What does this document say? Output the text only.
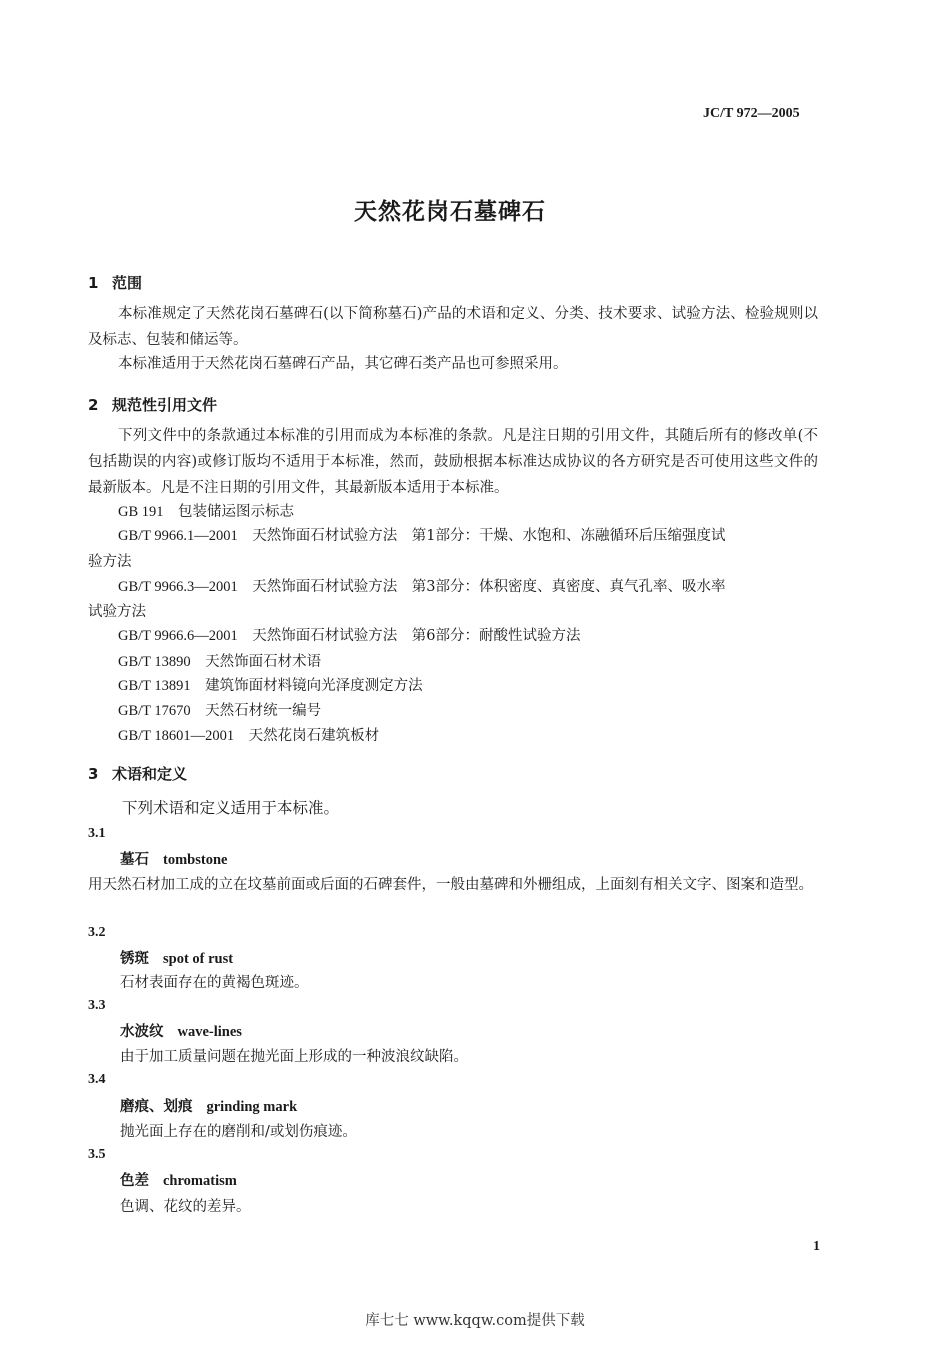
JC/T 972—2005
天然花岗石墓碑石
1 范围
本标准规定了天然花岗石墓碑石(以下简称墓石)产品的术语和定义、分类、技术要求、试验方法、检验规则以及标志、包装和储运等。
本标准适用于天然花岗石墓碑石产品，其它碑石类产品也可参照采用。
2 规范性引用文件
下列文件中的条款通过本标准的引用而成为本标准的条款。凡是注日期的引用文件，其随后所有的修改单(不包括勘误的内容)或修订版均不适用于本标准，然而，鼓励根据本标准达成协议的各方研究是否可使用这些文件的最新版本。凡是不注日期的引用文件，其最新版本适用于本标准。
GB 191　 包装储运图示标志
GB/T 9966.1—2001　 天然饰面石材试验方法　第1部分：干燥、水饱和、冻融循环后压缩强度试
验方法
GB/T 9966.3—2001　 天然饰面石材试验方法　第3部分：体积密度、真密度、真气孔率、吸水率
试验方法
GB/T 9966.6—2001　 天然饰面石材试验方法　第6部分：耐酸性试验方法
GB/T 13890　 天然饰面石材术语
GB/T 13891　 建筑饰面材料镜向光泽度测定方法
GB/T 17670　 天然石材统一编号
GB/T 18601—2001　 天然花岗石建筑板材
3 术语和定义
下列术语和定义适用于本标准。
3.1
墓石 tombstone
用天然石材加工成的立在坟墓前面或后面的石碑套件，一般由墓碑和外栅组成，上面刻有相关文字、图案和造型。
3.2
锈斑 spot of rust
石材表面存在的黄褐色斑迹。
3.3
水波纹 wave-lines
由于加工质量问题在抛光面上形成的一种波浪纹缺陷。
3.4
磨痕、划痕 grinding mark
抛光面上存在的磨削和/或划伤痕迹。
3.5
色差 chromatism
色调、花纹的差异。
1
库七七 www.kqqw.com提供下载
